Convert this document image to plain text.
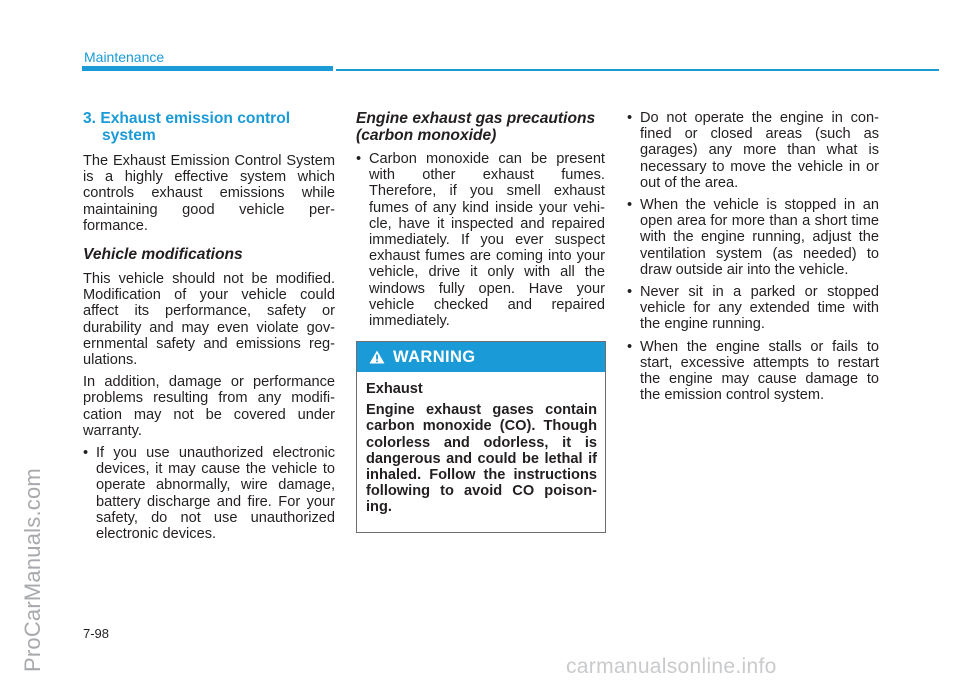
ProCarManuals.com	carmanualsonline.info
Maintenance
3. Exhaust emission control
system

The Exhaust Emission Control System is a highly effective system which controls exhaust emissions while maintaining good vehicle per-formance.

Vehicle modifications

This vehicle should not be modified. Modification of your vehicle could affect its performance, safety or durability and may even violate gov-ernmental safety and emissions reg-ulations.

In addition, damage or performance problems resulting from any modifi-cation may not be covered under warranty.

• If you use unauthorized electronic devices, it may cause the vehicle to operate abnormally, wire damage, battery discharge and fire. For your safety, do not use unauthorized electronic devices.
Engine exhaust gas precautions
(carbon monoxide)
• Carbon monoxide can be present with other exhaust fumes. Therefore, if you smell exhaust fumes of any kind inside your vehi-cle, have it inspected and repaired immediately. If you ever suspect exhaust fumes are coming into your vehicle, drive it only with all the windows fully open. Have your vehicle checked and repaired immediately.
WARNING
Exhaust
Engine exhaust gases contain carbon monoxide (CO). Though colorless and odorless, it is dangerous and could be lethal if inhaled. Follow the instructions following to avoid CO poison-ing.
• Do not operate the engine in con-fined or closed areas (such as garages) any more than what is necessary to move the vehicle in or out of the area.
• When the vehicle is stopped in an open area for more than a short time with the engine running, adjust the ventilation system (as needed) to draw outside air into the vehicle.
• Never sit in a parked or stopped vehicle for any extended time with the engine running.
• When the engine stalls or fails to start, excessive attempts to restart the engine may cause damage to the emission control system.
7-98
